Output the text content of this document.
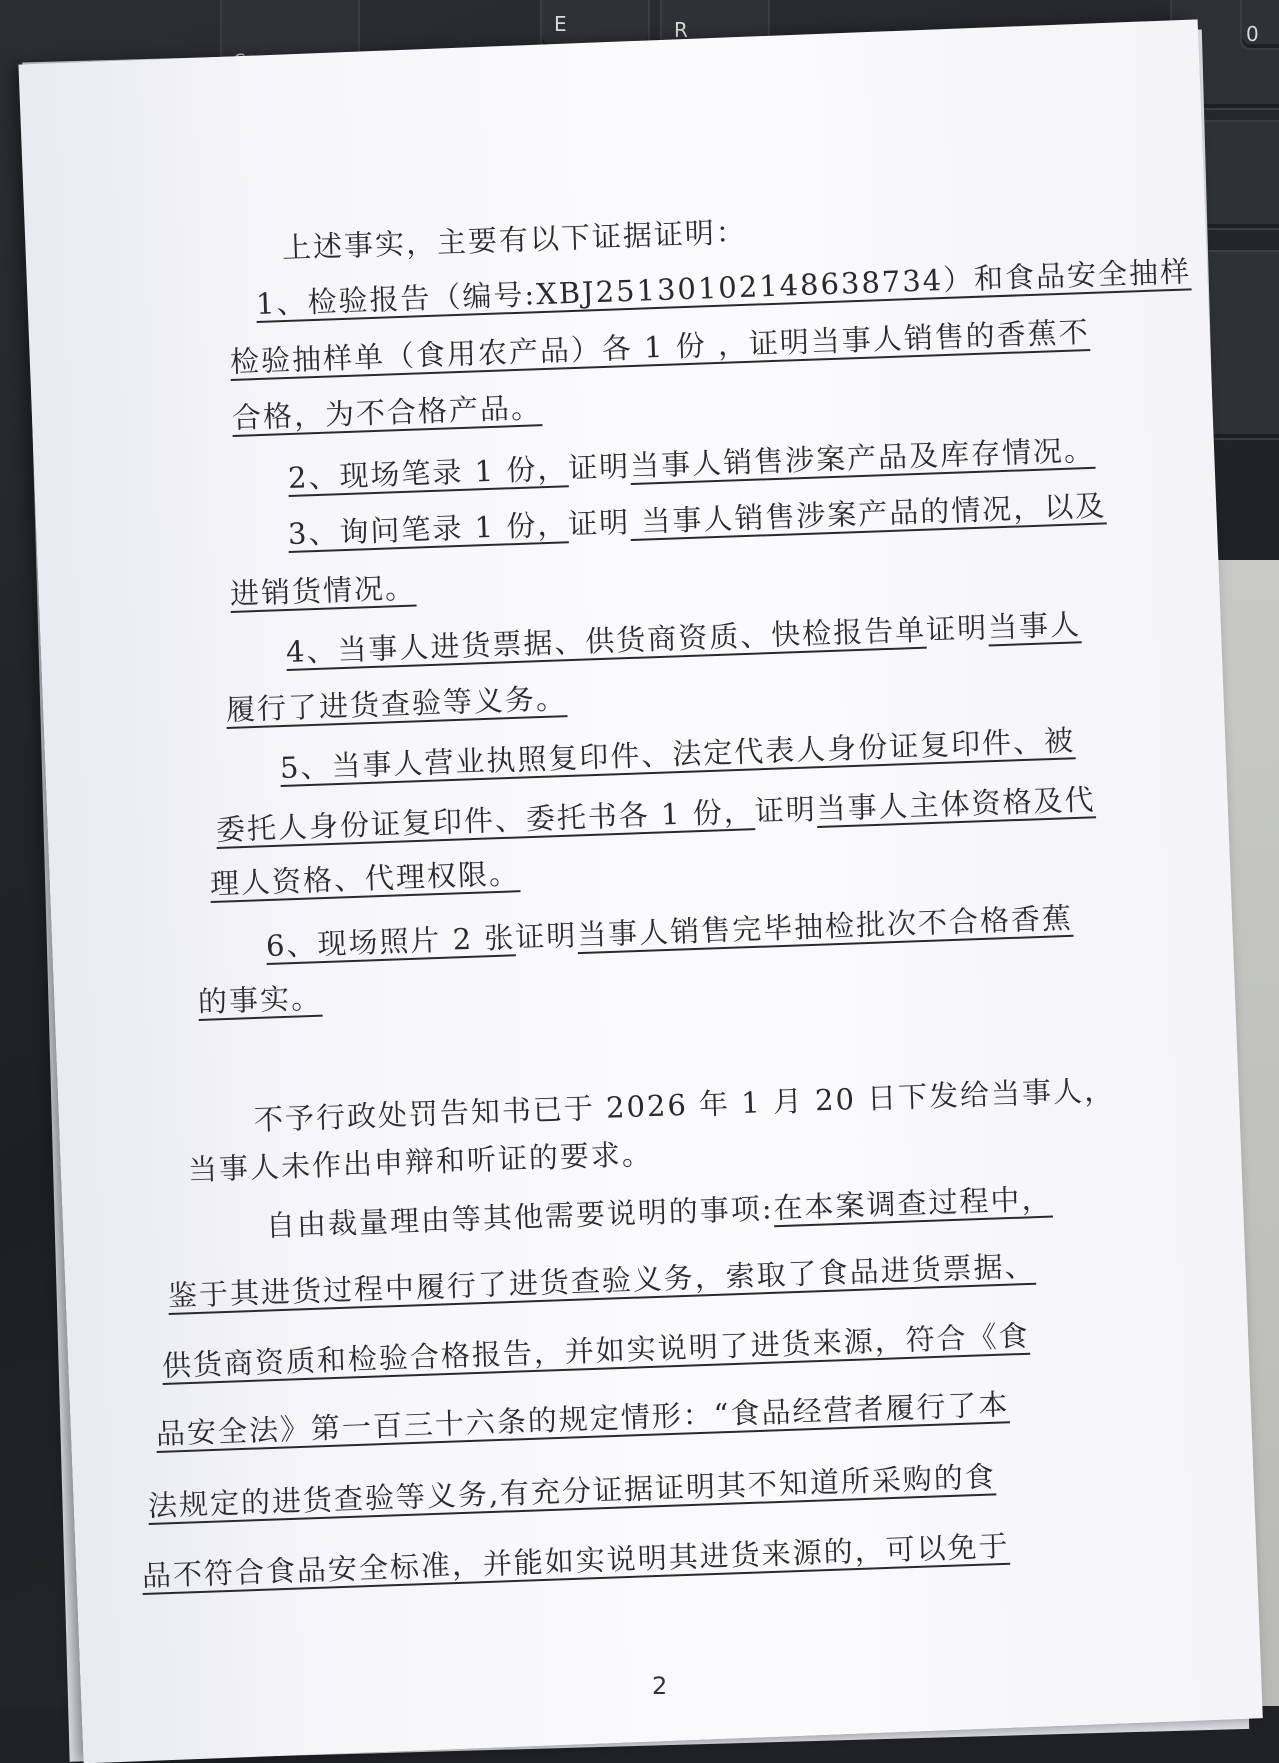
E	R	0
上述事实，主要有以下证据证明：
1、检验报告（编号:XBJ25130102148638734）和食品安全抽样
检验抽样单（食用农产品）各 1 份 ，证明当事人销售的香蕉不
合格，为不合格产品。
2、现场笔录 1 份，证明当事人销售涉案产品及库存情况。
3、询问笔录 1 份，证明 当事人销售涉案产品的情况，以及
进销货情况。
4、当事人进货票据、供货商资质、快检报告单证明当事人
履行了进货查验等义务。
5、当事人营业执照复印件、法定代表人身份证复印件、被
委托人身份证复印件、委托书各 1 份，证明当事人主体资格及代
理人资格、代理权限。
6、现场照片 2 张证明当事人销售完毕抽检批次不合格香蕉
的事实。
不予行政处罚告知书已于 2026 年 1 月 20 日下发给当事人，
当事人未作出申辩和听证的要求。
自由裁量理由等其他需要说明的事项:在本案调查过程中，
鉴于其进货过程中履行了进货查验义务，索取了食品进货票据、
供货商资质和检验合格报告，并如实说明了进货来源，符合《食
品安全法》第一百三十六条的规定情形：“食品经营者履行了本
法规定的进货查验等义务,有充分证据证明其不知道所采购的食
品不符合食品安全标准，并能如实说明其进货来源的，可以免于
2
